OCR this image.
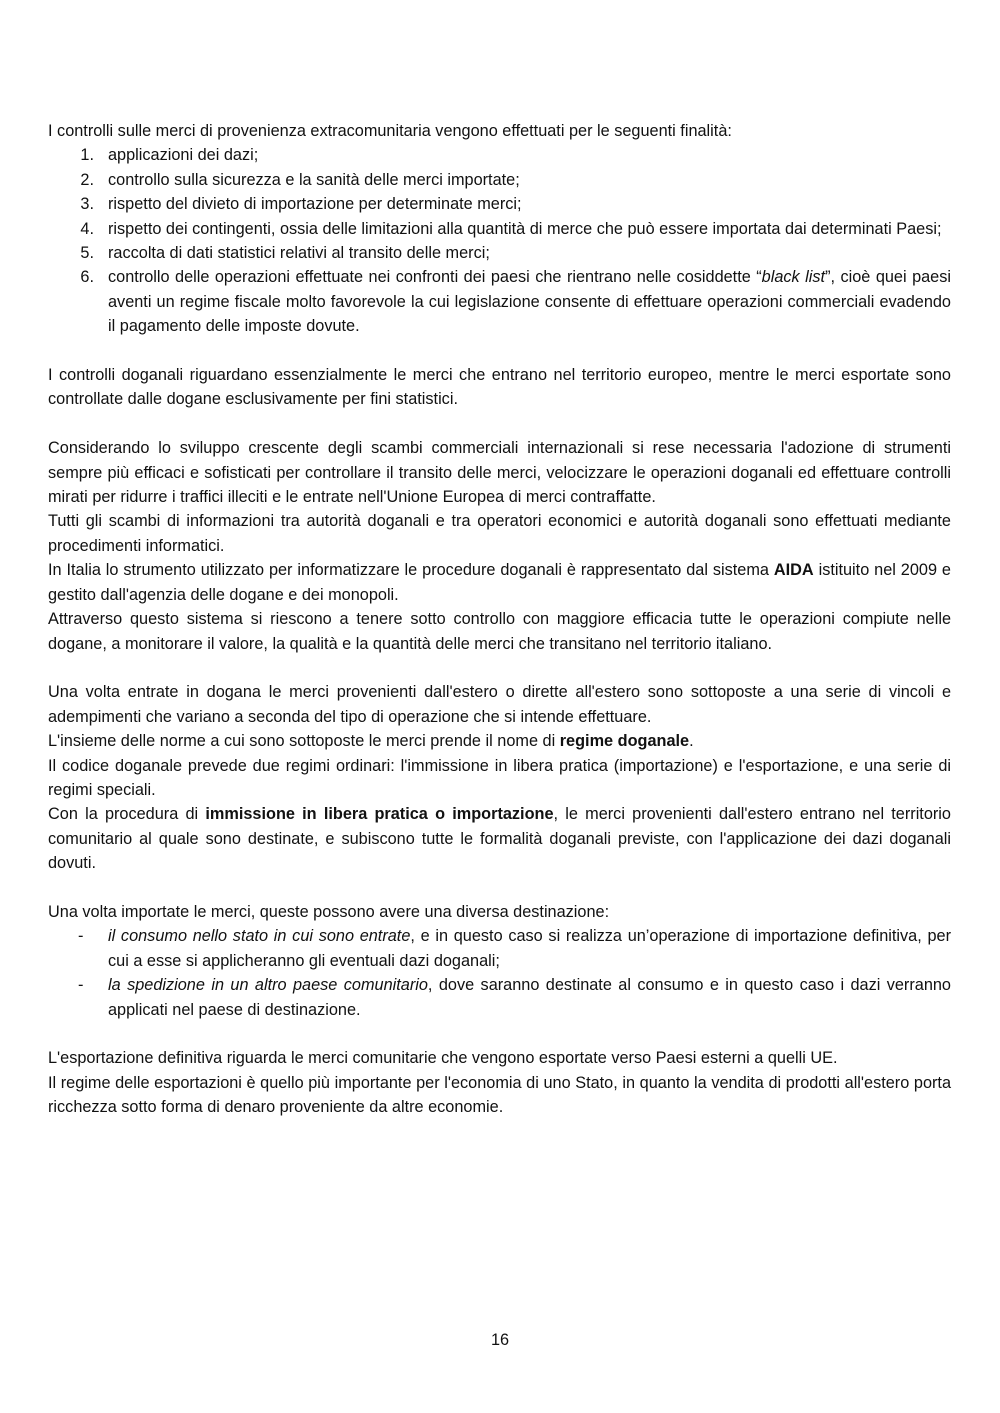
I controlli sulle merci di provenienza extracomunitaria vengono effettuati per le seguenti finalità:

1. applicazioni dei dazi;
2. controllo sulla sicurezza e la sanità delle merci importate;
3. rispetto del divieto di importazione per determinate merci;
4. rispetto dei contingenti, ossia delle limitazioni alla quantità di merce che può essere importata dai determinati Paesi;
5. raccolta di dati statistici relativi al transito delle merci;
6. controllo delle operazioni effettuate nei confronti dei paesi che rientrano nelle cosiddette “black list”, cioè quei paesi aventi un regime fiscale molto favorevole la cui legislazione consente di effettuare operazioni commerciali evadendo il pagamento delle imposte dovute.

I controlli doganali riguardano essenzialmente le merci che entrano nel territorio europeo, mentre le merci esportate sono controllate dalle dogane esclusivamente per fini statistici.

Considerando lo sviluppo crescente degli scambi commerciali internazionali si rese necessaria l'adozione di strumenti sempre più efficaci e sofisticati per controllare il transito delle merci, velocizzare le operazioni doganali ed effettuare controlli mirati per ridurre i traffici illeciti e le entrate nell'Unione Europea di merci contraffatte.

Tutti gli scambi di informazioni tra autorità doganali e tra operatori economici e autorità doganali sono effettuati mediante procedimenti informatici.

In Italia lo strumento utilizzato per informatizzare le procedure doganali è rappresentato dal sistema AIDA istituito nel 2009 e gestito dall'agenzia delle dogane e dei monopoli.

Attraverso questo sistema si riescono a tenere sotto controllo con maggiore efficacia tutte le operazioni compiute nelle dogane, a monitorare il valore, la qualità e la quantità delle merci che transitano nel territorio italiano.

Una volta entrate in dogana le merci provenienti dall'estero o dirette all'estero sono sottoposte a una serie di vincoli e adempimenti che variano a seconda del tipo di operazione che si intende effettuare.

L'insieme delle norme a cui sono sottoposte le merci prende il nome di regime doganale.

Il codice doganale prevede due regimi ordinari: l'immissione in libera pratica (importazione) e l'esportazione, e una serie di regimi speciali.

Con la procedura di immissione in libera pratica o importazione, le merci provenienti dall'estero entrano nel territorio comunitario al quale sono destinate, e subiscono tutte le formalità doganali previste, con l'applicazione dei dazi doganali dovuti.

Una volta importate le merci, queste possono avere una diversa destinazione:

- il consumo nello stato in cui sono entrate, e in questo caso si realizza un’operazione di importazione definitiva, per cui a esse si applicheranno gli eventuali dazi doganali;
- la spedizione in un altro paese comunitario, dove saranno destinate al consumo e in questo caso i dazi verranno applicati nel paese di destinazione.

L'esportazione definitiva riguarda le merci comunitarie che vengono esportate verso Paesi esterni a quelli UE.

Il regime delle esportazioni è quello più importante per l'economia di uno Stato, in quanto la vendita di prodotti all'estero porta ricchezza sotto forma di denaro proveniente da altre economie.

16
